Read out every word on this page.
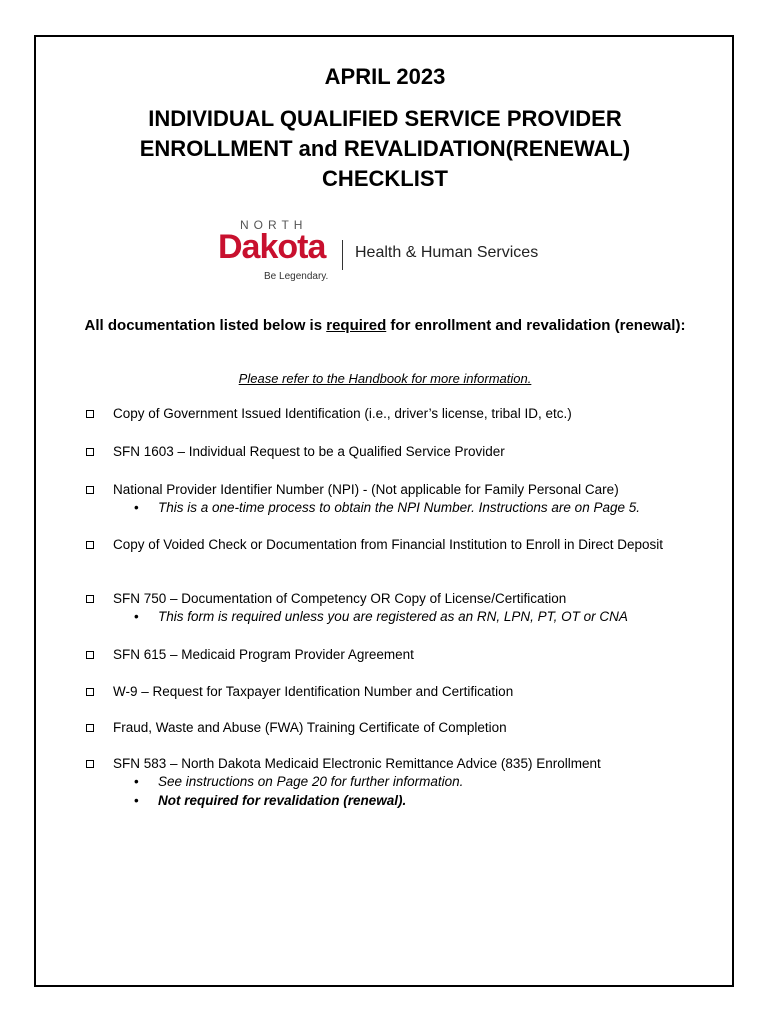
APRIL 2023
INDIVIDUAL QUALIFIED SERVICE PROVIDER
ENROLLMENT and REVALIDATION(RENEWAL)
CHECKLIST
NORTH
Dakota
Be Legendary.
Health & Human Services
All documentation listed below is required for enrollment and revalidation (renewal):
Please refer to the Handbook for more information.
Copy of Government Issued Identification (i.e., driver’s license, tribal ID, etc.)
SFN 1603 – Individual Request to be a Qualified Service Provider
National Provider Identifier Number (NPI) - (Not applicable for Family Personal Care)
• This is a one-time process to obtain the NPI Number. Instructions are on Page 5.
Copy of Voided Check or Documentation from Financial Institution to Enroll in Direct Deposit
SFN 750 – Documentation of Competency OR Copy of License/Certification
• This form is required unless you are registered as an RN, LPN, PT, OT or CNA
SFN 615 – Medicaid Program Provider Agreement
W-9 – Request for Taxpayer Identification Number and Certification
Fraud, Waste and Abuse (FWA) Training Certificate of Completion
SFN 583 – North Dakota Medicaid Electronic Remittance Advice (835) Enrollment
• See instructions on Page 20 for further information.
• Not required for revalidation (renewal).
